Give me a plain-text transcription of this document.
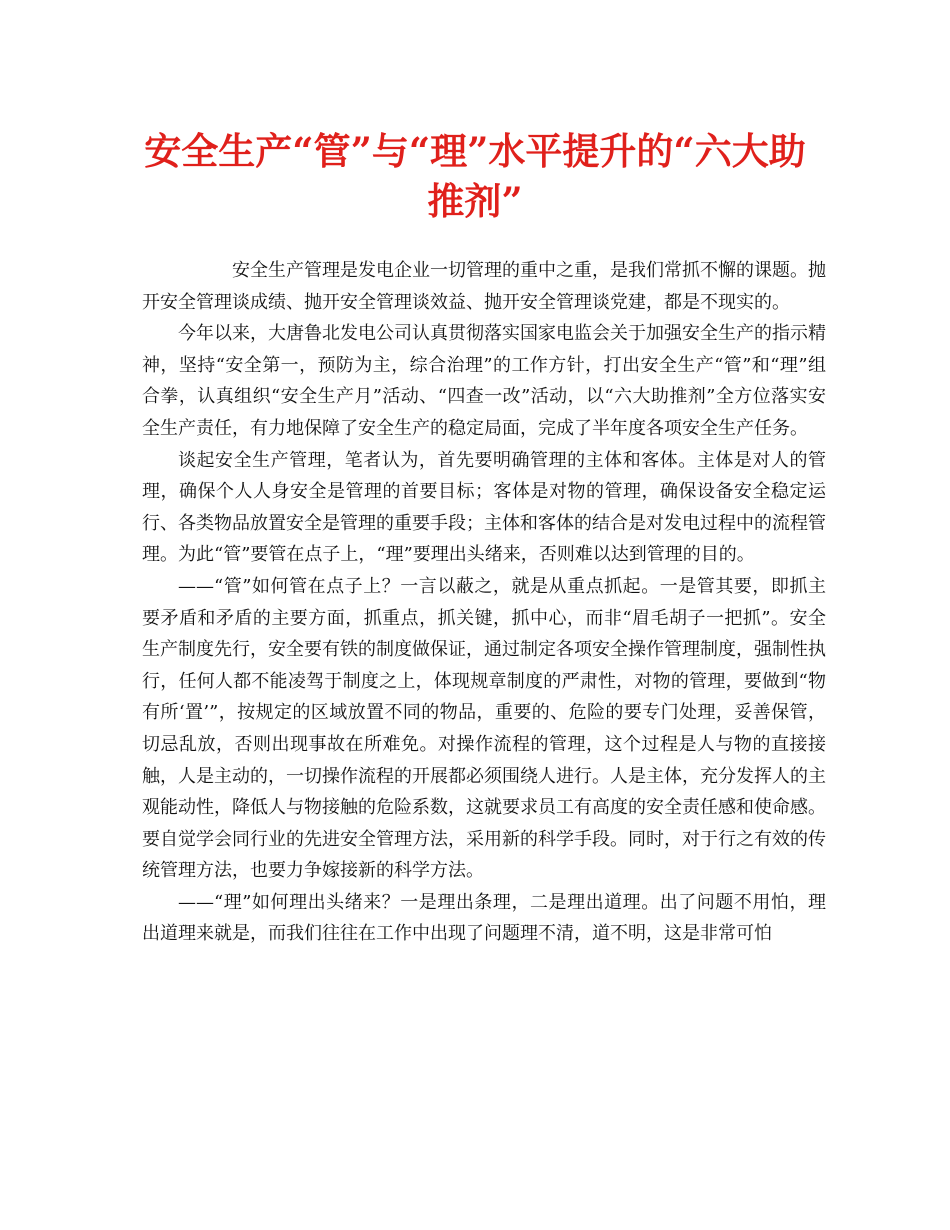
安全生产“管”与“理”水平提升的“六大助推剂”

安全生产管理是发电企业一切管理的重中之重，是我们常抓不懈的课题。抛开安全管理谈成绩、抛开安全管理谈效益、抛开安全管理谈党建，都是不现实的。

今年以来，大唐鲁北发电公司认真贯彻落实国家电监会关于加强安全生产的指示精神，坚持“安全第一，预防为主，综合治理”的工作方针，打出安全生产“管”和“理”组合拳，认真组织“安全生产月”活动、“四查一改”活动，以“六大助推剂”全方位落实安全生产责任，有力地保障了安全生产的稳定局面，完成了半年度各项安全生产任务。

谈起安全生产管理，笔者认为，首先要明确管理的主体和客体。主体是对人的管理，确保个人人身安全是管理的首要目标；客体是对物的管理，确保设备安全稳定运行、各类物品放置安全是管理的重要手段；主体和客体的结合是对发电过程中的流程管理。为此“管”要管在点子上，“理”要理出头绪来，否则难以达到管理的目的。

——“管”如何管在点子上？一言以蔽之，就是从重点抓起。一是管其要，即抓主要矛盾和矛盾的主要方面，抓重点，抓关键，抓中心，而非“眉毛胡子一把抓”。安全生产制度先行，安全要有铁的制度做保证，通过制定各项安全操作管理制度，强制性执行，任何人都不能凌驾于制度之上，体现规章制度的严肃性，对物的管理，要做到“物有所‘置’”，按规定的区域放置不同的物品，重要的、危险的要专门处理，妥善保管，切忌乱放，否则出现事故在所难免。对操作流程的管理，这个过程是人与物的直接接触，人是主动的，一切操作流程的开展都必须围绕人进行。人是主体，充分发挥人的主观能动性，降低人与物接触的危险系数，这就要求员工有高度的安全责任感和使命感。要自觉学会同行业的先进安全管理方法，采用新的科学手段。同时，对于行之有效的传统管理方法，也要力争嫁接新的科学方法。

——“理”如何理出头绪来？一是理出条理，二是理出道理。出了问题不用怕，理出道理来就是，而我们往往在工作中出现了问题理不清，道不明，这是非常可怕
